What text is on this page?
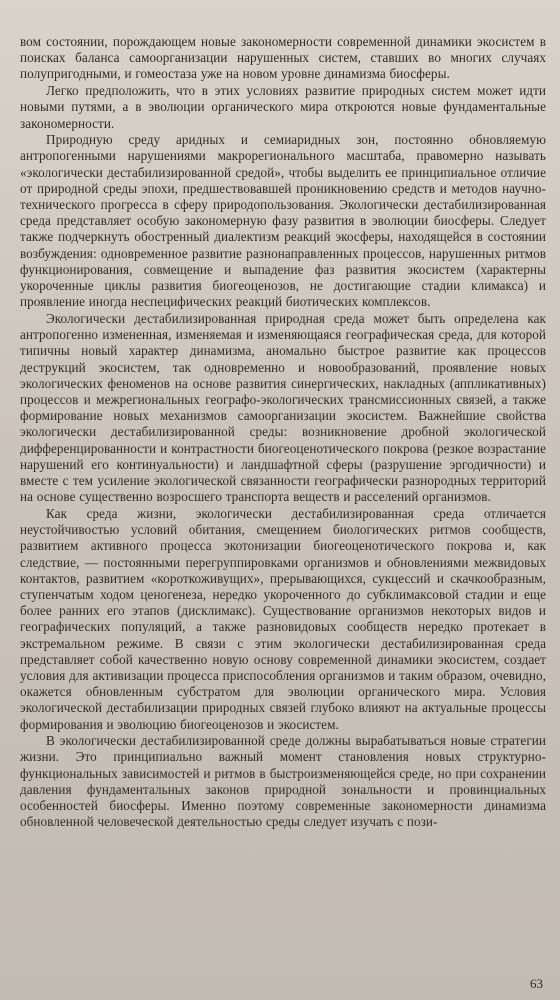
вом состоянии, порождающем новые закономерности современной динамики экосистем в поисках баланса самоорганизации нарушенных систем, ставших во многих случаях полупригодными, и гомеостаза уже на новом уровне динамизма биосферы.

Легко предположить, что в этих условиях развитие природных систем может идти новыми путями, а в эволюции органического мира откроются новые фундаментальные закономерности.

Природную среду аридных и семиаридных зон, постоянно обновляемую антропогенными нарушениями макрорегионального масштаба, правомерно называть «экологически дестабилизированной средой», чтобы выделить ее принципиальное отличие от природной среды эпохи, предшествовавшей проникновению средств и методов научно-технического прогресса в сферу природопользования. Экологически дестабилизированная среда представляет особую закономерную фазу развития в эволюции биосферы. Следует также подчеркнуть обостренный диалектизм реакций экосферы, находящейся в состоянии возбуждения: одновременное развитие разнонаправленных процессов, нарушенных ритмов функционирования, совмещение и выпадение фаз развития экосистем (характерны укороченные циклы развития биогеоценозов, не достигающие стадии климакса) и проявление иногда неспецифических реакций биотических комплексов.

Экологически дестабилизированная природная среда может быть определена как антропогенно измененная, изменяемая и изменяющаяся географическая среда, для которой типичны новый характер динамизма, аномально быстрое развитие как процессов деструкций экосистем, так одновременно и новообразований, проявление новых экологических феноменов на основе развития синергических, накладных (аппликативных) процессов и межрегиональных географо-экологических трансмиссионных связей, а также формирование новых механизмов самоорганизации экосистем. Важнейшие свойства экологически дестабилизированной среды: возникновение дробной экологической дифференцированности и контрастности биогеоценотического покрова (резкое возрастание нарушений его континуальности) и ландшафтной сферы (разрушение эргодичности) и вместе с тем усиление экологической связанности географически разнородных территорий на основе существенно возросшего транспорта веществ и расселений организмов.

Как среда жизни, экологически дестабилизированная среда отличается неустойчивостью условий обитания, смещением биологических ритмов сообществ, развитием активного процесса экотонизации биогеоценотического покрова и, как следствие, — постоянными перегруппировками организмов и обновлениями межвидовых контактов, развитием «короткоживущих», прерывающихся, сукцессий и скачкообразным, ступенчатым ходом ценогенеза, нередко укороченного до субклимаксовой стадии и еще более ранних его этапов (дисклимакс). Существование организмов некоторых видов и географических популяций, а также разновидовых сообществ нередко протекает в экстремальном режиме. В связи с этим экологически дестабилизированная среда представляет собой качественно новую основу современной динамики экосистем, создает условия для активизации процесса приспособления организмов и таким образом, очевидно, окажется обновленным субстратом для эволюции органического мира. Условия экологической дестабилизации природных связей глубоко влияют на актуальные процессы формирования и эволюцию биогеоценозов и экосистем.

В экологически дестабилизированной среде должны вырабатываться новые стратегии жизни. Это принципиально важный момент становления новых структурно-функциональных зависимостей и ритмов в быстроизменяющейся среде, но при сохранении давления фундаментальных законов природной зональности и провинциальных особенностей биосферы. Именно поэтому современные закономерности динамизма обновленной человеческой деятельностью среды следует изучать с пози-

63
